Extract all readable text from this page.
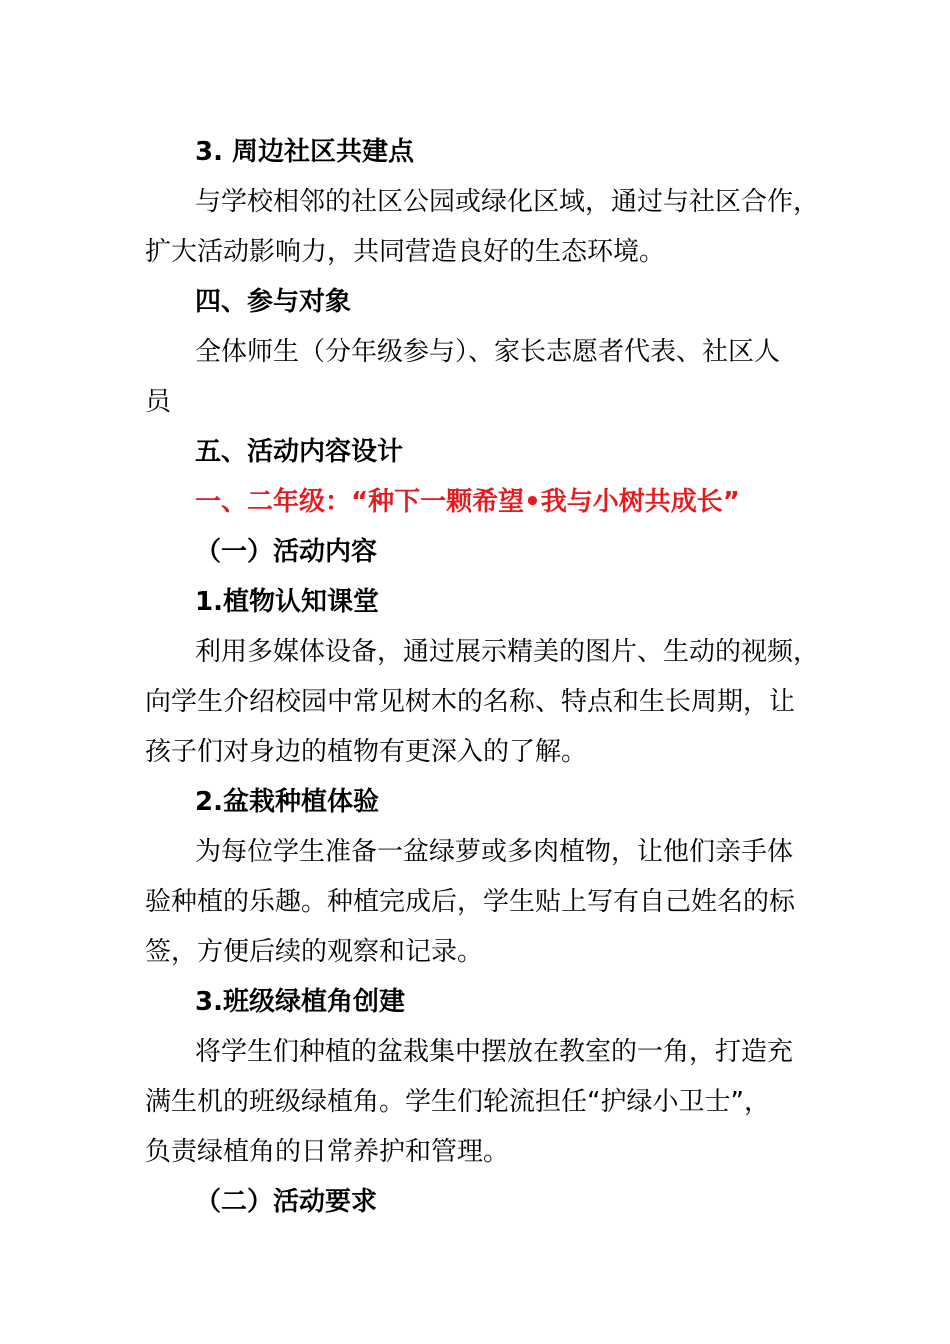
3. 周边社区共建点
与学校相邻的社区公园或绿化区域，通过与社区合作，
扩大活动影响力，共同营造良好的生态环境。
四、参与对象
全体师生（分年级参与）、家长志愿者代表、社区人
员
五、活动内容设计
一、二年级：“种下一颗希望•我与小树共成长”
（一）活动内容
1.植物认知课堂
利用多媒体设备，通过展示精美的图片、生动的视频，
向学生介绍校园中常见树木的名称、特点和生长周期，让
孩子们对身边的植物有更深入的了解。
2.盆栽种植体验
为每位学生准备一盆绿萝或多肉植物，让他们亲手体
验种植的乐趣。种植完成后，学生贴上写有自己姓名的标
签，方便后续的观察和记录。
3.班级绿植角创建
将学生们种植的盆栽集中摆放在教室的一角，打造充
满生机的班级绿植角。学生们轮流担任“护绿小卫士”，
负责绿植角的日常养护和管理。
（二）活动要求
